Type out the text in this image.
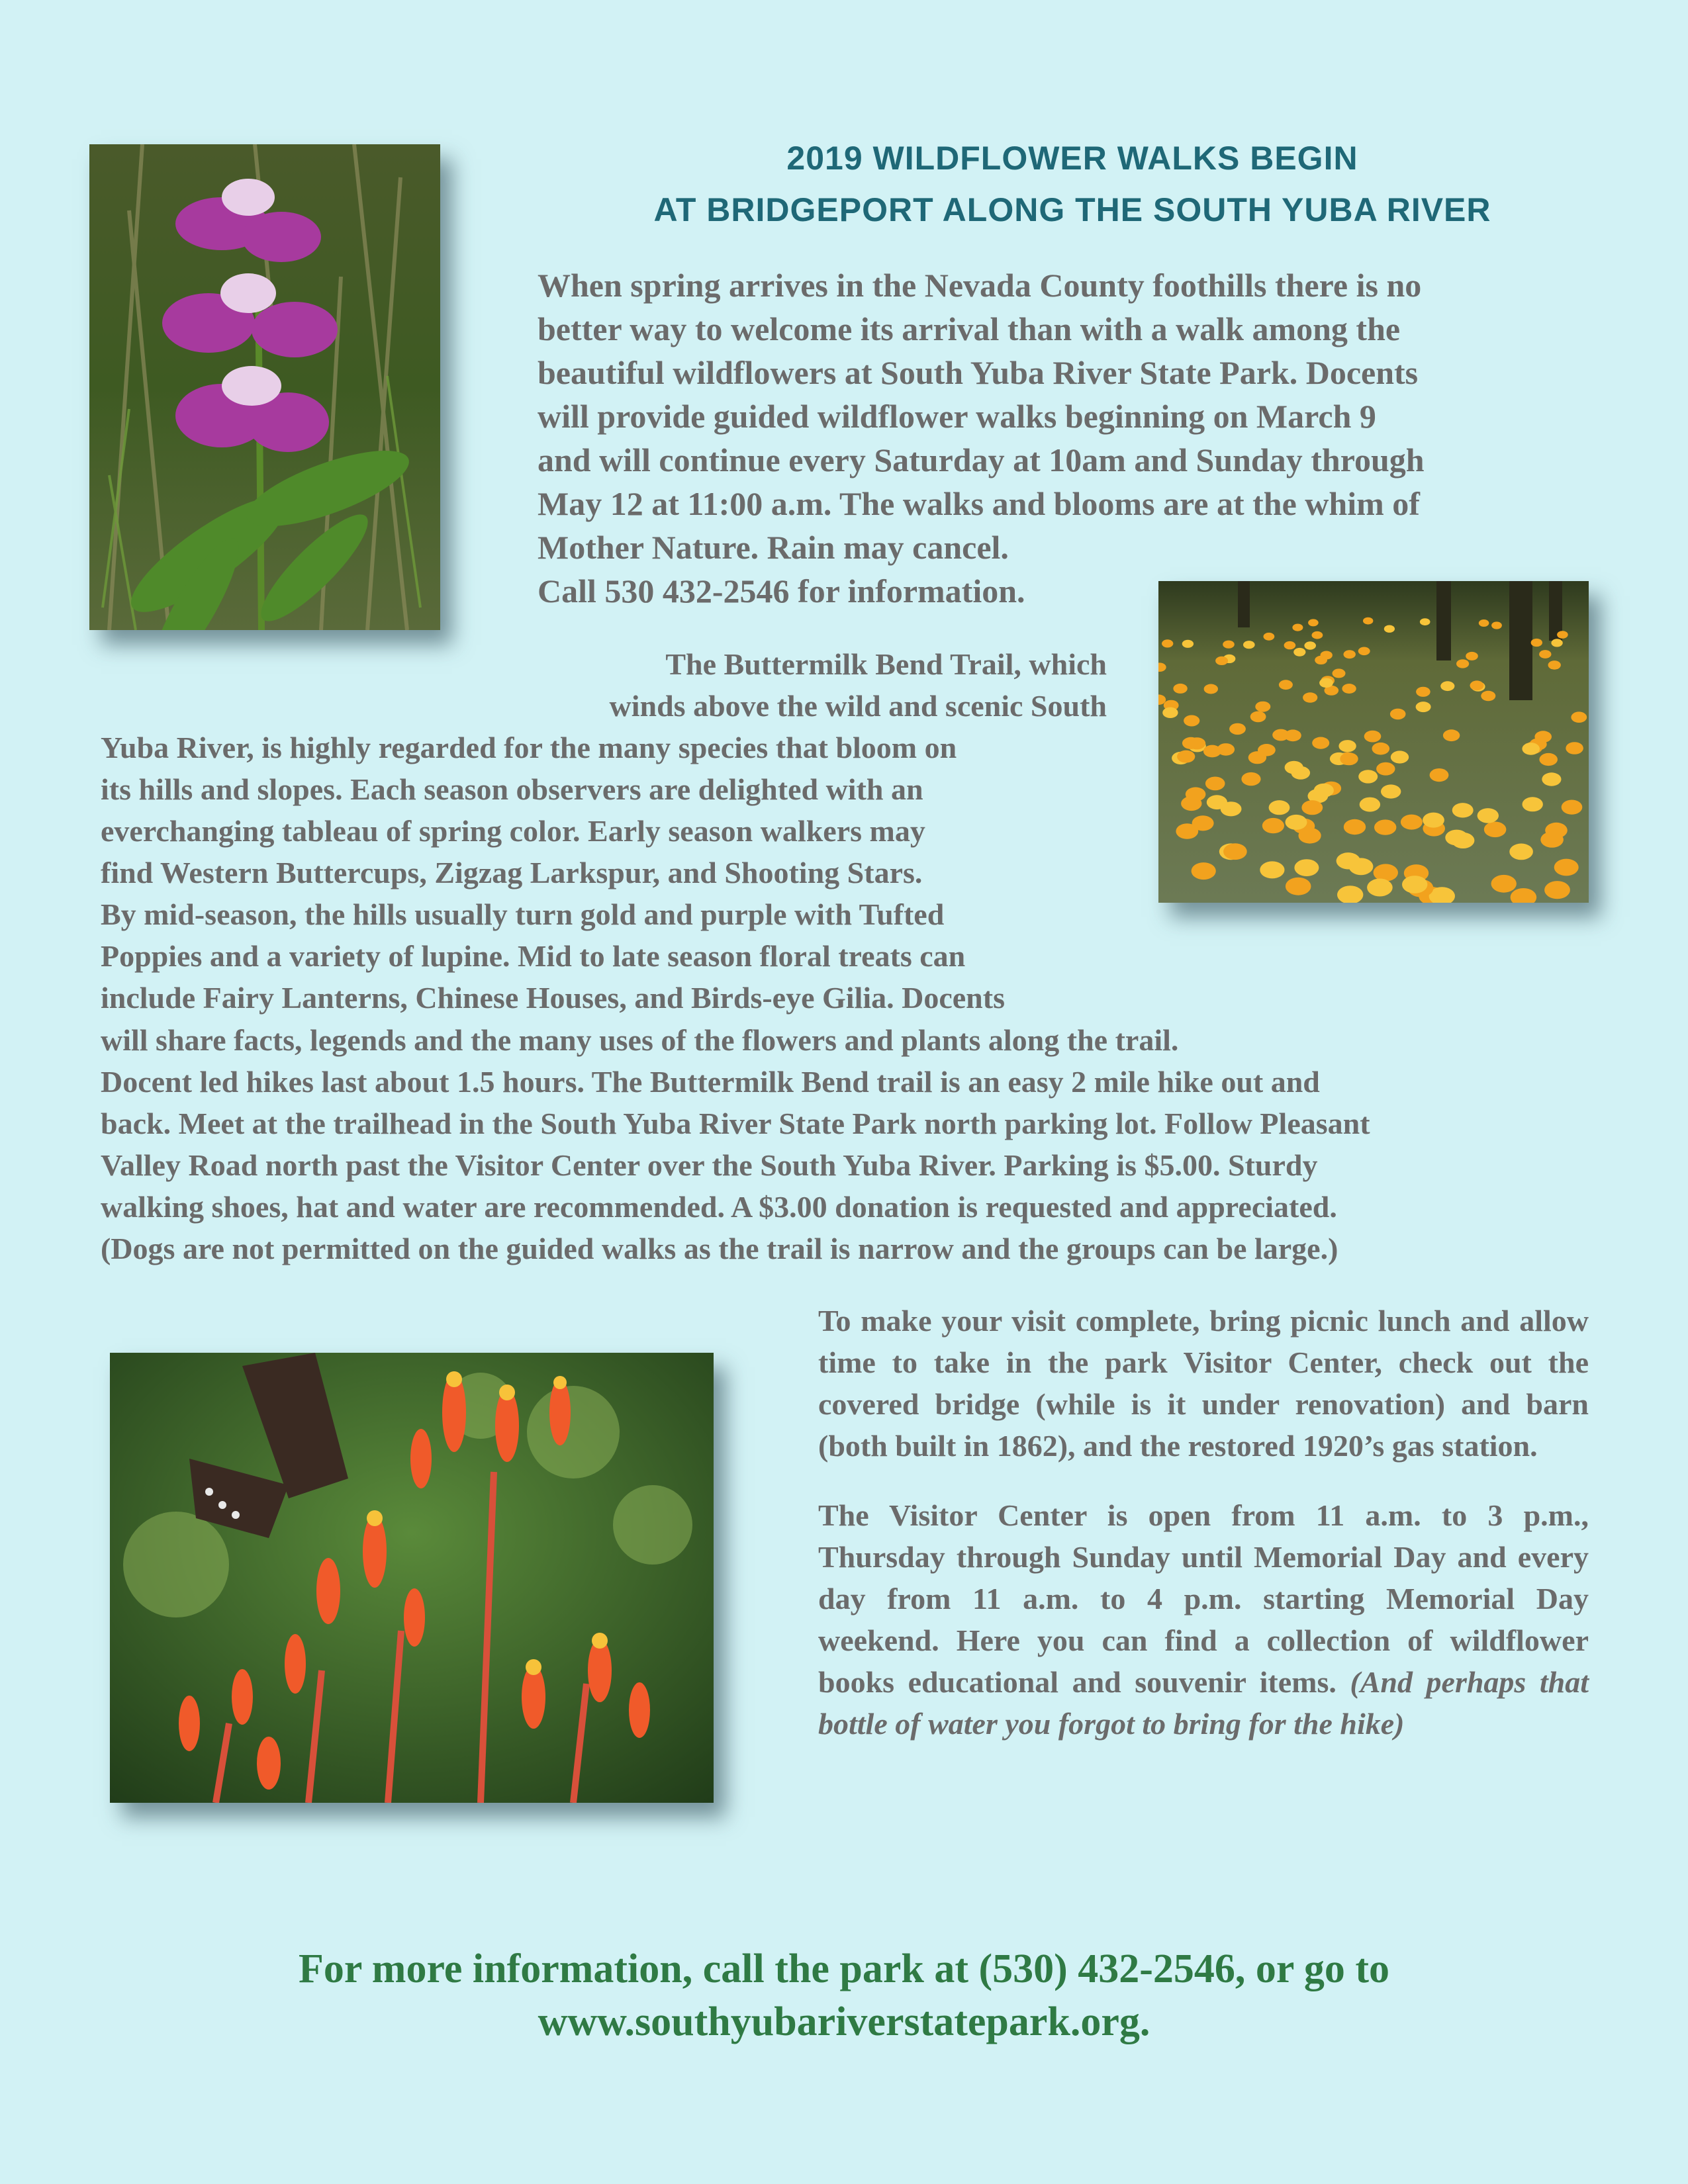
2019 WILDFLOWER WALKS BEGIN
AT BRIDGEPORT ALONG THE SOUTH YUBA RIVER
When spring arrives in the Nevada County foothills there is no
better way to welcome its arrival than with a walk among the
beautiful wildflowers at South Yuba River State Park. Docents
will provide guided wildflower walks beginning on March 9
and will continue every Saturday at 10am and Sunday through
May 12 at 11:00 a.m. The walks and blooms are at the whim of
Mother Nature. Rain may cancel.
Call 530 432-2546 for information.
The Buttermilk Bend Trail, which
winds above the wild and scenic South
Yuba River, is highly regarded for the many species that bloom on
its hills and slopes. Each season observers are delighted with an
everchanging tableau of spring color. Early season walkers may
find Western Buttercups, Zigzag Larkspur, and Shooting Stars.
By mid-season, the hills usually turn gold and purple with Tufted
Poppies and a variety of lupine. Mid to late season floral treats can
include Fairy Lanterns, Chinese Houses, and Birds-eye Gilia. Docents
will share facts, legends and the many uses of the flowers and plants along the trail.
Docent led hikes last about 1.5 hours. The Buttermilk Bend trail is an easy 2 mile hike out and
back. Meet at the trailhead in the South Yuba River State Park north parking lot. Follow Pleasant
Valley Road north past the Visitor Center over the South Yuba River. Parking is $5.00. Sturdy
walking shoes, hat and water are recommended. A $3.00 donation is requested and appreciated.
(Dogs are not permitted on the guided walks as the trail is narrow and the groups can be large.)

To make your visit complete, bring picnic lunch and allow time to take in the park Visitor Center, check out the covered bridge (while is it under renovation) and barn (both built in 1862), and the restored 1920’s gas station.

The Visitor Center is open from 11 a.m. to 3 p.m., Thursday through Sunday until Memorial Day and every day from 11 a.m. to 4 p.m. starting Memorial Day weekend. Here you can find a collection of wildflower books educational and souvenir items. (And perhaps that bottle of water you forgot to bring for the hike)

For more information, call the park at (530) 432-2546, or go to
www.southyubariverstatepark.org.
